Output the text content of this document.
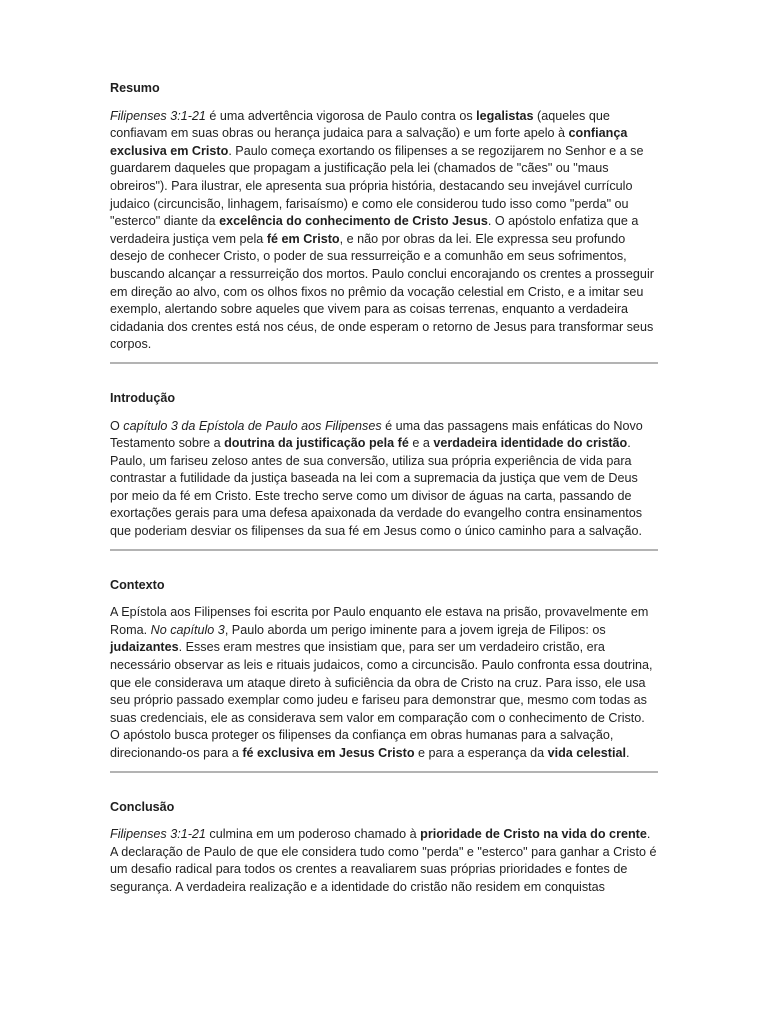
Resumo

Filipenses 3:1-21 é uma advertência vigorosa de Paulo contra os legalistas (aqueles que confiavam em suas obras ou herança judaica para a salvação) e um forte apelo à confiança exclusiva em Cristo. Paulo começa exortando os filipenses a se regozijarem no Senhor e a se guardarem daqueles que propagam a justificação pela lei (chamados de "cães" ou "maus obreiros"). Para ilustrar, ele apresenta sua própria história, destacando seu invejável currículo judaico (circuncisão, linhagem, farisaísmo) e como ele considerou tudo isso como "perda" ou "esterco" diante da excelência do conhecimento de Cristo Jesus. O apóstolo enfatiza que a verdadeira justiça vem pela fé em Cristo, e não por obras da lei. Ele expressa seu profundo desejo de conhecer Cristo, o poder de sua ressurreição e a comunhão em seus sofrimentos, buscando alcançar a ressurreição dos mortos. Paulo conclui encorajando os crentes a prosseguir em direção ao alvo, com os olhos fixos no prêmio da vocação celestial em Cristo, e a imitar seu exemplo, alertando sobre aqueles que vivem para as coisas terrenas, enquanto a verdadeira cidadania dos crentes está nos céus, de onde esperam o retorno de Jesus para transformar seus corpos.

Introdução

O capítulo 3 da Epístola de Paulo aos Filipenses é uma das passagens mais enfáticas do Novo Testamento sobre a doutrina da justificação pela fé e a verdadeira identidade do cristão. Paulo, um fariseu zeloso antes de sua conversão, utiliza sua própria experiência de vida para contrastar a futilidade da justiça baseada na lei com a supremacia da justiça que vem de Deus por meio da fé em Cristo. Este trecho serve como um divisor de águas na carta, passando de exortações gerais para uma defesa apaixonada da verdade do evangelho contra ensinamentos que poderiam desviar os filipenses da sua fé em Jesus como o único caminho para a salvação.

Contexto

A Epístola aos Filipenses foi escrita por Paulo enquanto ele estava na prisão, provavelmente em Roma. No capítulo 3, Paulo aborda um perigo iminente para a jovem igreja de Filipos: os judaizantes. Esses eram mestres que insistiam que, para ser um verdadeiro cristão, era necessário observar as leis e rituais judaicos, como a circuncisão. Paulo confronta essa doutrina, que ele considerava um ataque direto à suficiência da obra de Cristo na cruz. Para isso, ele usa seu próprio passado exemplar como judeu e fariseu para demonstrar que, mesmo com todas as suas credenciais, ele as considerava sem valor em comparação com o conhecimento de Cristo. O apóstolo busca proteger os filipenses da confiança em obras humanas para a salvação, direcionando-os para a fé exclusiva em Jesus Cristo e para a esperança da vida celestial.

Conclusão

Filipenses 3:1-21 culmina em um poderoso chamado à prioridade de Cristo na vida do crente. A declaração de Paulo de que ele considera tudo como "perda" e "esterco" para ganhar a Cristo é um desafio radical para todos os crentes a reavaliarem suas próprias prioridades e fontes de segurança. A verdadeira realização e a identidade do cristão não residem em conquistas
